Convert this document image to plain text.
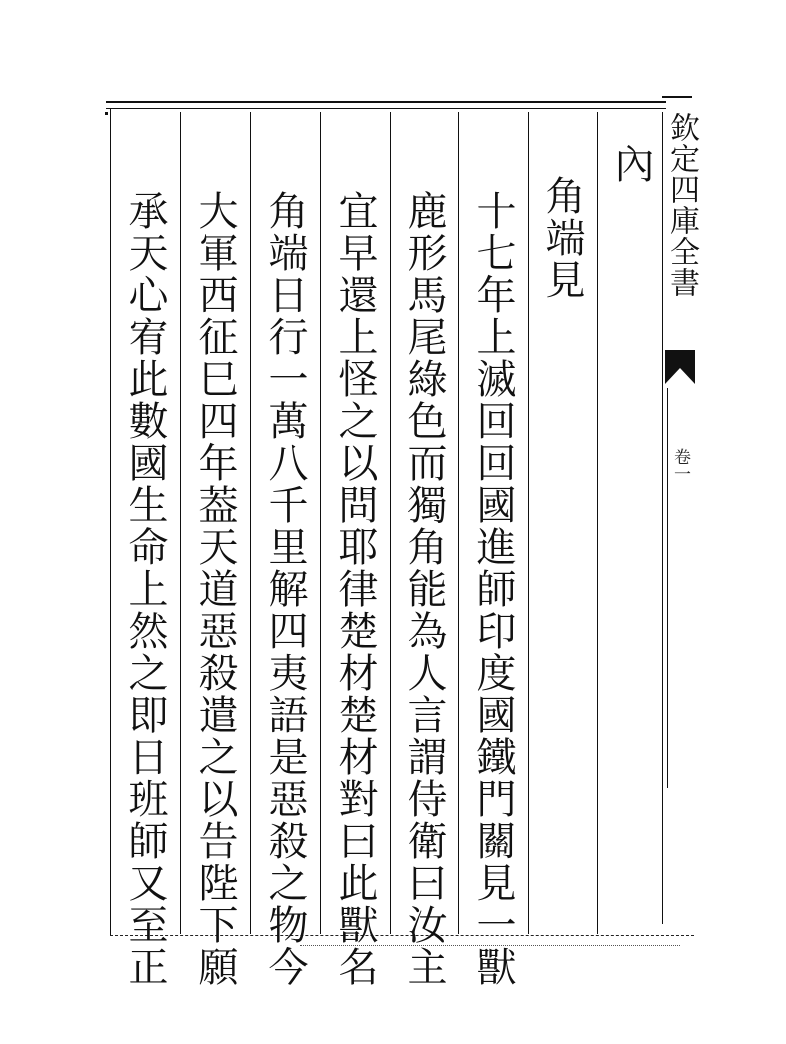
內
角端見
十七年上滅回回國進師印度國鐵門關見一獸
鹿形馬尾綠色而獨角能為人言謂侍衛曰汝主
宜早還上怪之以問耶律楚材楚材對曰此獸名
角端日行一萬八千里解四夷語是惡殺之物今
大軍西征巳四年葢天道惡殺遣之以告陛下願
承天心宥此數國生命上然之即日班師又至正	欽定四庫全書
卷一
